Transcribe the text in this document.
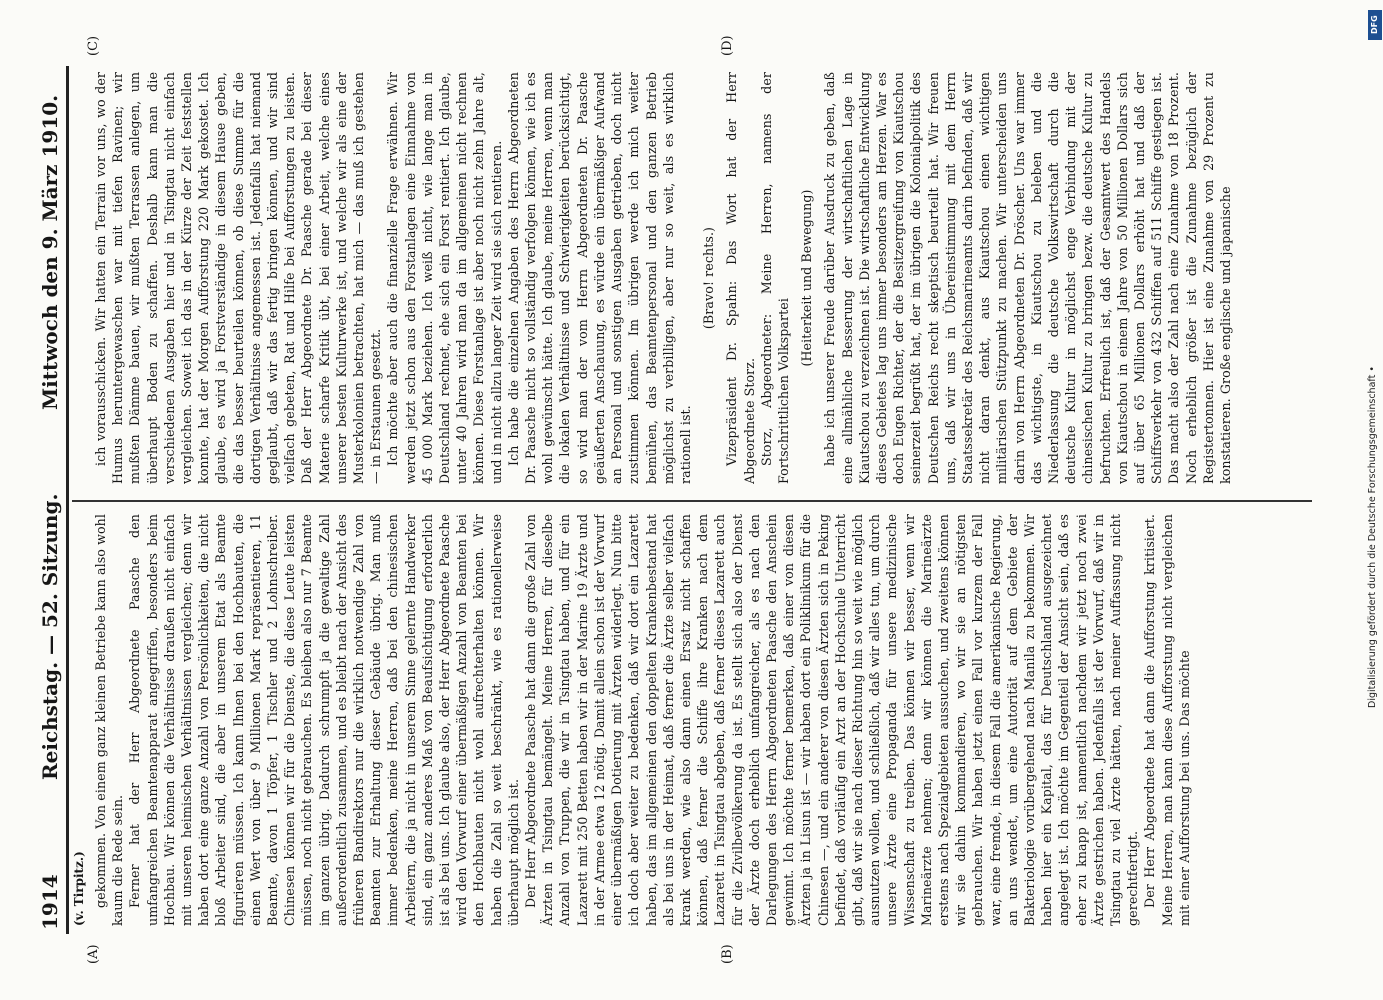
1914
Reichstag. — 52. Sitzung.
Mittwoch den 9. März 1910.
(v. Tirpitz.)
(A)	(B)
(C)	(D)

gekommen. Von einem ganz kleinen Betriebe kann also wohl kaum die Rede sein. Ferner hat der Herr Abgeordnete Paasche den umfangreichen Beamtenapparat angegriffen, besonders beim Hochbau. Wir können die Verhältnisse draußen nicht einfach mit unseren heimischen Verhältnissen vergleichen; denn wir haben dort eine ganze Anzahl von Persönlichkeiten, die nicht bloß Arbeiter sind, die aber in unserem Etat als Beamte figurieren müssen. Ich kann Ihnen bei den Hochbauten, die einen Wert von über 9 Millionen Mark repräsentieren, 11 Beamte, davon 1 Töpfer, 1 Tischler und 2 Lohnschreiber. Chinesen können wir für die Dienste, die diese Leute leisten müssen, noch nicht gebrauchen. Es bleiben also nur 7 Beamte im ganzen übrig. Dadurch schrumpft ja die gewaltige Zahl außerordentlich zusammen, und es bleibt nach der Ansicht des früheren Bandirektors nur die wirklich notwendige Zahl von Beamten zur Erhaltung dieser Gebäude übrig. Man muß immer bedenken, meine Herren, daß bei den chinesischen Arbeitern, die ja nicht in unserem Sinne gelernte Handwerker sind, ein ganz anderes Maß von Beaufsichtigung erforderlich ist als bei uns. Ich glaube also, der Herr Abgeordnete Paasche wird den Vorwurf einer übermäßigen Anzahl von Beamten bei den Hochbauten nicht wohl aufrechterhalten können. Wir haben die Zahl so weit beschränkt, wie es rationellerweise überhaupt möglich ist. Der Herr Abgeordnete Paasche hat dann die große Zahl von Ärzten in Tsingtau bemängelt. Meine Herren, für dieselbe Anzahl von Truppen, die wir in Tsingtau haben, und für ein Lazarett mit 250 Betten haben wir in der Marine 19 Ärzte und in der Armee etwa 12 nötig. Damit allein schon ist der Vorwurf einer übermäßigen Dotierung mit Ärzten widerlegt. Nun bitte ich doch aber weiter zu bedenken, daß wir dort ein Lazarett haben, das im allgemeinen den doppelten Krankenbestand hat als bei uns in der Heimat, daß ferner die Ärzte selber vielfach krank werden, wie also dann einen Ersatz nicht schaffen können, daß ferner die Schiffe ihre Kranken nach dem Lazarett in Tsingtau abgeben, daß ferner dieses Lazarett auch für die Zivilbevölkerung da ist. Es stellt sich also der Dienst der Ärzte doch erheblich umfangreicher, als es nach den Darlegungen des Herrn Abgeordneten Paasche den Anschein gewinnt. Ich möchte ferner bemerken, daß einer von diesen Ärzten ja in Lisun ist — wir haben dort ein Poliklinikum für die Chinesen —, und ein anderer von diesen Ärzten sich in Peking befindet, daß vorläufig ein Arzt an der Hochschule Unterricht gibt, daß wir sie nach dieser Richtung hin so weit wie möglich ausnutzen wollen, und schließlich, daß wir alles tun, um durch unsere Ärzte eine Propaganda für unsere medizinische Wissenschaft zu treiben. Das können wir besser, wenn wir Marineärzte nehmen; denn wir können die Marineärzte erstens nach Spezialgebieten aussuchen, und zweitens können wir sie dahin kommandieren, wo wir sie an nötigsten gebrauchen. Wir haben jetzt einen Fall vor kurzem der Fall war, eine fremde, in diesem Fall die amerikanische Regierung, an uns wendet, um eine Autorität auf dem Gebiete der Bakteriologie vorübergehend nach Manila zu bekommen. Wir haben hier ein Kapital, das für Deutschland ausgezeichnet angelegt ist. Ich möchte im Gegenteil der Ansicht sein, daß es eher zu knapp ist, namentlich nachdem wir jetzt noch zwei Ärzte gestrichen haben. Jedenfalls ist der Vorwurf, daß wir in Tsingtau zu viel Ärzte hätten, nach meiner Auffassung nicht gerechtfertigt. Der Herr Abgeordnete hat dann die Aufforstung kritisiert. Meine Herren, man kann diese Aufforstung nicht vergleichen mit einer Aufforstung bei uns. Das möchte

ich vorausschicken. Wir hatten ein Terrain vor uns, wo der Humus heruntergewaschen war mit tiefen Ravinen; wir mußten Dämme bauen, wir mußten Terrassen anlegen, um überhaupt Boden zu schaffen. Deshalb kann man die verschiedenen Ausgaben hier und in Tsingtau nicht einfach vergleichen. Soweit ich das in der Kürze der Zeit feststellen konnte, hat der Morgen Aufforstung 220 Mark gekostet. Ich glaube, es wird ja Forstverständige in diesem Hause geben, die das besser beurteilen können, ob diese Summe für die dortigen Verhältnisse angemessen ist. Jedenfalls hat niemand geglaubt, daß wir das fertig bringen können, und wir sind vielfach gebeten, Rat und Hilfe bei Aufforstungen zu leisten. Daß der Herr Abgeordnete Dr. Paasche gerade bei dieser Materie scharfe Kritik übt, bei einer Arbeit, welche eines unserer besten Kulturwerke ist, und welche wir als eine der Musterkolonien betrachten, hat mich — das muß ich gestehen — in Erstaunen gesetzt. Ich möchte aber auch die finanzielle Frage erwähnen. Wir werden jetzt schon aus den Forstanlagen eine Einnahme von 45 000 Mark beziehen. Ich weiß nicht, wie lange man in Deutschland rechnet, ehe sich ein Forst rentiert. Ich glaube, unter 40 Jahren wird man da im allgemeinen nicht rechnen können. Diese Forstanlage ist aber noch nicht zehn Jahre alt, und in nicht allzu langer Zeit wird sie sich rentieren. Ich habe die einzelnen Angaben des Herrn Abgeordneten Dr. Paasche nicht so vollständig verfolgen können, wie ich es wohl gewünscht hätte. Ich glaube, meine Herren, wenn man die lokalen Verhältnisse und Schwierigkeiten berücksichtigt, so wird man der vom Herrn Abgeordneten Dr. Paasche geäußerten Anschauung, es würde ein übermäßiger Aufwand an Personal und sonstigen Ausgaben getrieben, doch nicht zustimmen können. Im übrigen werde ich mich weiter bemühen, das Beamtenpersonal und den ganzen Betrieb möglichst zu verbilligen, aber nur so weit, als es wirklich rationell ist.

(Bravo! rechts.) Vizepräsident Dr. Spahn: Das Wort hat der Herr Abgeordnete Storz. Storz, Abgeordneter: Meine Herren, namens der Fortschrittlichen Volkspartei

(Heiterkeit und Bewegung) habe ich unserer Freude darüber Ausdruck zu geben, daß eine allmähliche Besserung der wirtschaftlichen Lage in Kiautschou zu verzeichnen ist. Die wirtschaftliche Entwicklung dieses Gebietes lag uns immer besonders am Herzen. War es doch Eugen Richter, der die Besitzergreifung von Kiautschou seinerzeit begrüßt hat, der im übrigen die Kolonialpolitik des Deutschen Reichs recht skeptisch beurteilt hat. Wir freuen uns, daß wir uns in Übereinstimmung mit dem Herrn Staatssekretär des Reichsmarineamts darin befinden, daß wir nicht daran denkt, aus Kiautschou einen wichtigen militärischen Stützpunkt zu machen. Wir unterscheiden uns darin von Herrn Abgeordneten Dr. Dröscher. Uns war immer das wichtigste, in Kiautschou zu beleben und die Niederlassung die deutsche Volkswirtschaft durch die deutsche Kultur in möglichst enge Verbindung mit der chinesischen Kultur zu bringen bezw. die deutsche Kultur zu befruchten. Erfreulich ist, daß der Gesamtwert des Handels von Kiautschou in einem Jahre von 50 Millionen Dollars sich auf über 65 Millionen Dollars erhöht hat und daß der Schiffsverkehr von 432 Schiffen auf 511 Schiffe gestiegen ist. Das macht also der Zahl nach eine Zunahme von 18 Prozent. Noch erheblich größer ist die Zunahme bezüglich der Registertonnen. Hier ist eine Zunahme von 29 Prozent zu konstatieren. Große englische und japanische

Digitalisierung gefördert durch die Deutsche Forschungsgemeinschaft •
DFG
